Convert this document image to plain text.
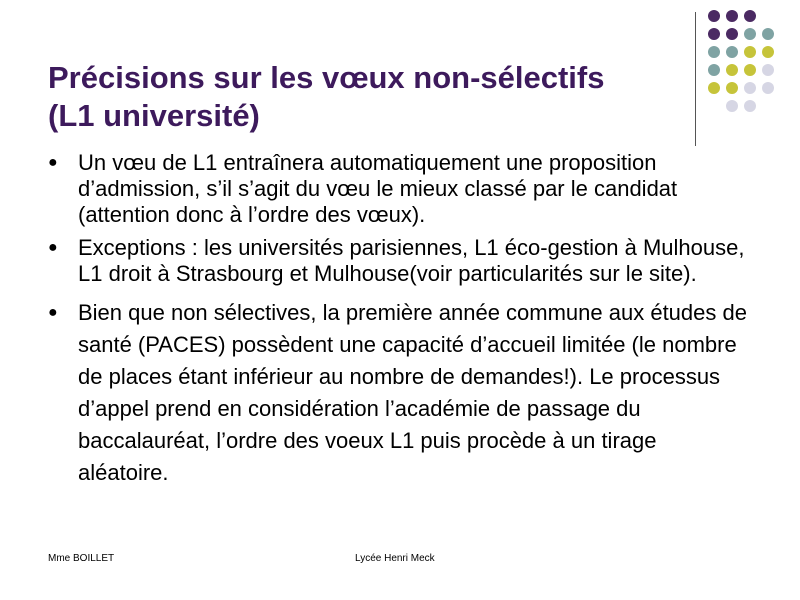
Précisions sur les vœux non-sélectifs
(L1 université)
● Un vœu de L1 entraînera automatiquement une proposition d’admission, s’il s’agit du vœu le mieux classé par le candidat (attention donc à l’ordre des vœux).
● Exceptions : les universités parisiennes, L1 éco-gestion à Mulhouse, L1 droit à Strasbourg et Mulhouse(voir particularités sur le site).
● Bien que non sélectives, la première année commune aux études de santé (PACES) possèdent une capacité d’accueil limitée (le nombre de places étant inférieur au nombre de demandes!). Le processus d’appel prend en considération l’académie de passage du baccalauréat, l’ordre des voeux L1 puis procède à un tirage aléatoire.
Mme BOILLET	Lycée Henri Meck
